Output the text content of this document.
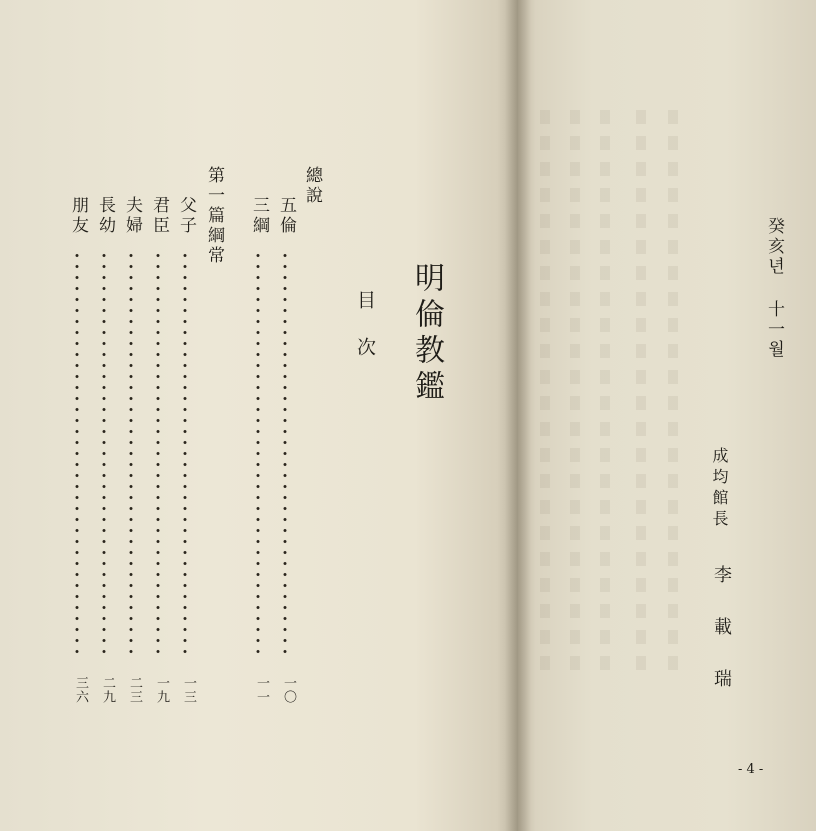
明倫教鑑
目次
總說
五倫
一〇
三綱
一一
第一篇綱常
父子
一三
君臣
一九
夫婦
二三
長幼
二九
朋友
三六
癸亥년 十一월
成均館長
李載瑞
- 4 -
